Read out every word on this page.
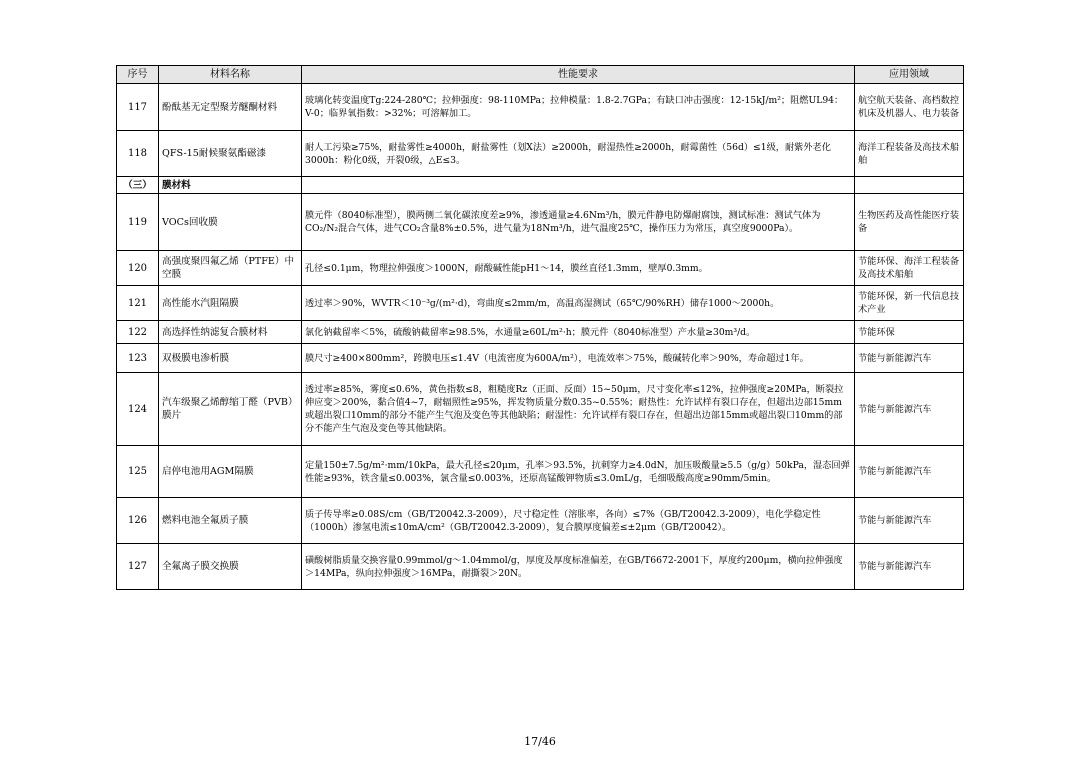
序号	材料名称	性能要求	应用领域
117	酚酞基无定型聚芳醚酮材料	玻璃化转变温度Tg:224-280℃；拉伸强度：98-110MPa；拉伸模量：1.8-2.7GPa；有缺口冲击强度：12-15kJ/m²；阻燃UL94：V-0；临界氧指数：>32%；可溶解加工。	航空航天装备、高档数控机床及机器人、电力装备
118	QFS-15耐候聚氨酯磁漆	耐人工污染≥75%，耐盐雾性≥4000h，耐盐雾性（划X法）≥2000h，耐湿热性≥2000h，耐霉菌性（56d）≤1级，耐紫外老化3000h：粉化0级，开裂0级，△E≤3。	海洋工程装备及高技术船舶
（三）	膜材料		
119	VOCs回收膜	膜元件（8040标准型），膜两侧二氧化碳浓度差≥9%，渗透通量≥4.6Nm³/h，膜元件静电防爆耐腐蚀，测试标准：测试气体为CO₂/N₂混合气体，进气CO₂含量8%±0.5%，进气量为18Nm³/h，进气温度25℃，操作压力为常压，真空度9000Pa）。	生物医药及高性能医疗装备
120	高强度聚四氟乙烯（PTFE）中空膜	孔径≤0.1μm，物理拉伸强度＞1000N，耐酸碱性能pH1～14，膜丝直径1.3mm，壁厚0.3mm。	节能环保、海洋工程装备及高技术船舶
121	高性能水汽阻隔膜	透过率＞90%，WVTR＜10⁻³g/(m²·d)，弯曲度≤2mm/m，高温高湿测试（65℃/90%RH）储存1000～2000h。	节能环保，新一代信息技术产业
122	高选择性纳滤复合膜材料	氯化钠截留率＜5%，硫酸钠截留率≥98.5%，水通量≥60L/m²·h；膜元件（8040标准型）产水量≥30m³/d。	节能环保
123	双极膜电渗析膜	膜尺寸≥400×800mm²，跨膜电压≤1.4V（电流密度为600A/m²），电流效率＞75%，酸碱转化率＞90%，寿命超过1年。	节能与新能源汽车
124	汽车级聚乙烯醇缩丁醛（PVB）膜片	透过率≥85%，雾度≤0.6%，黄色指数≤8，粗糙度Rz（正面、反面）15~50μm，尺寸变化率≤12%，拉伸强度≥20MPa，断裂拉伸应变＞200%，黏合值4~7，耐辐照性≥95%，挥发物质量分数0.35~0.55%；耐热性：允许试样有裂口存在，但超出边部15mm或超出裂口10mm的部分不能产生气泡及变色等其他缺陷；耐湿性：允许试样有裂口存在，但超出边部15mm或超出裂口10mm的部分不能产生气泡及变色等其他缺陷。	节能与新能源汽车
125	启停电池用AGM隔膜	定量150±7.5g/m²·mm/10kPa，最大孔径≤20μm，孔率＞93.5%，抗刺穿力≥4.0dN，加压吸酸量≥5.5（g/g）50kPa，湿态回弹性能≥93%，铁含量≤0.003%，氯含量≤0.003%，还原高锰酸钾物质≤3.0mL/g，毛细吸酸高度≥90mm/5min。	节能与新能源汽车
126	燃料电池全氟质子膜	质子传导率≥0.08S/cm（GB/T20042.3-2009），尺寸稳定性（溶胀率，各向）≤7%（GB/T20042.3-2009），电化学稳定性（1000h）渗氢电流≤10mA/cm²（GB/T20042.3-2009），复合膜厚度偏差≤±2μm（GB/T20042）。	节能与新能源汽车
127	全氟离子膜交换膜	磺酸树脂质量交换容量0.99mmol/g～1.04mmol/g，厚度及厚度标准偏差，在GB/T6672-2001下，厚度约200μm，横向拉伸强度＞14MPa，纵向拉伸强度＞16MPa，耐撕裂＞20N。	节能与新能源汽车
17/46
